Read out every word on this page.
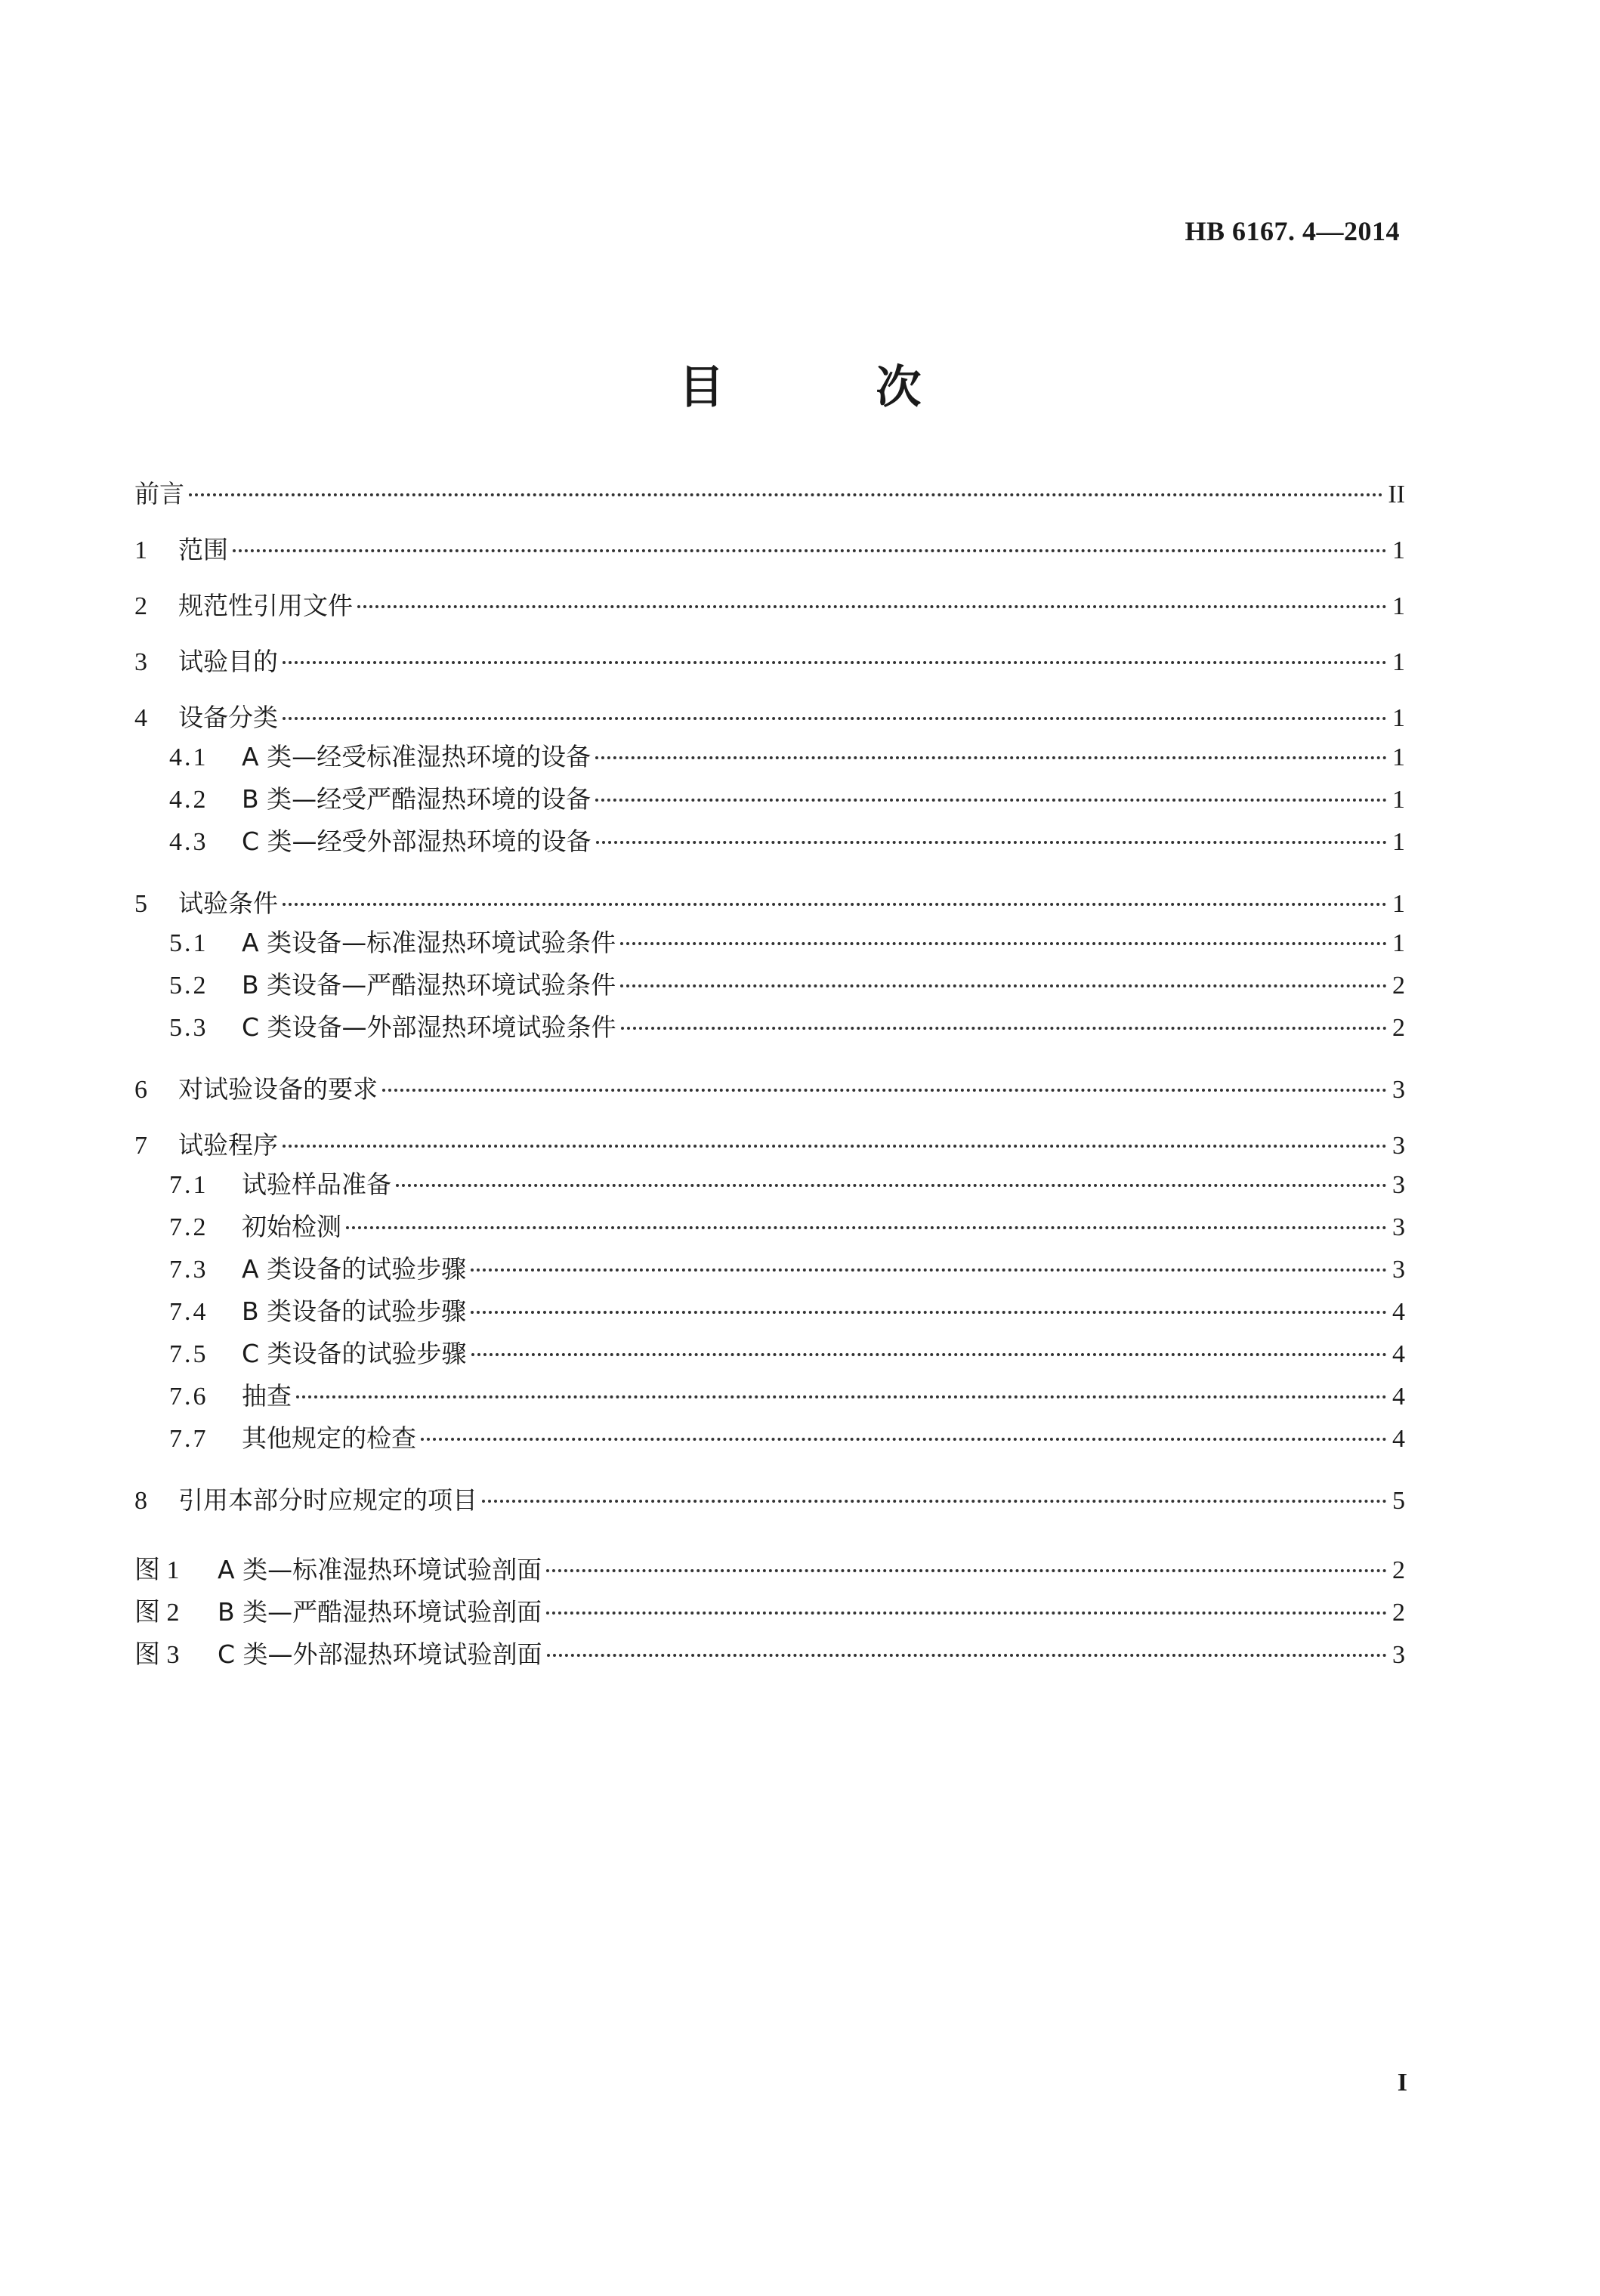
HB 6167. 4—2014
目 次
前言	II
1	范围	1
2	规范性引用文件	1
3	试验目的	1
4	设备分类	1
4.1	A 类—经受标准湿热环境的设备	1
4.2	B 类—经受严酷湿热环境的设备	1
4.3	C 类—经受外部湿热环境的设备	1
5	试验条件	1
5.1	A 类设备—标准湿热环境试验条件	1
5.2	B 类设备—严酷湿热环境试验条件	2
5.3	C 类设备—外部湿热环境试验条件	2
6	对试验设备的要求	3
7	试验程序	3
7.1	试验样品准备	3
7.2	初始检测	3
7.3	A 类设备的试验步骤	3
7.4	B 类设备的试验步骤	4
7.5	C 类设备的试验步骤	4
7.6	抽查	4
7.7	其他规定的检查	4
8	引用本部分时应规定的项目	5
图 1	A 类—标准湿热环境试验剖面	2
图 2	B 类—严酷湿热环境试验剖面	2
图 3	C 类—外部湿热环境试验剖面	3
I
